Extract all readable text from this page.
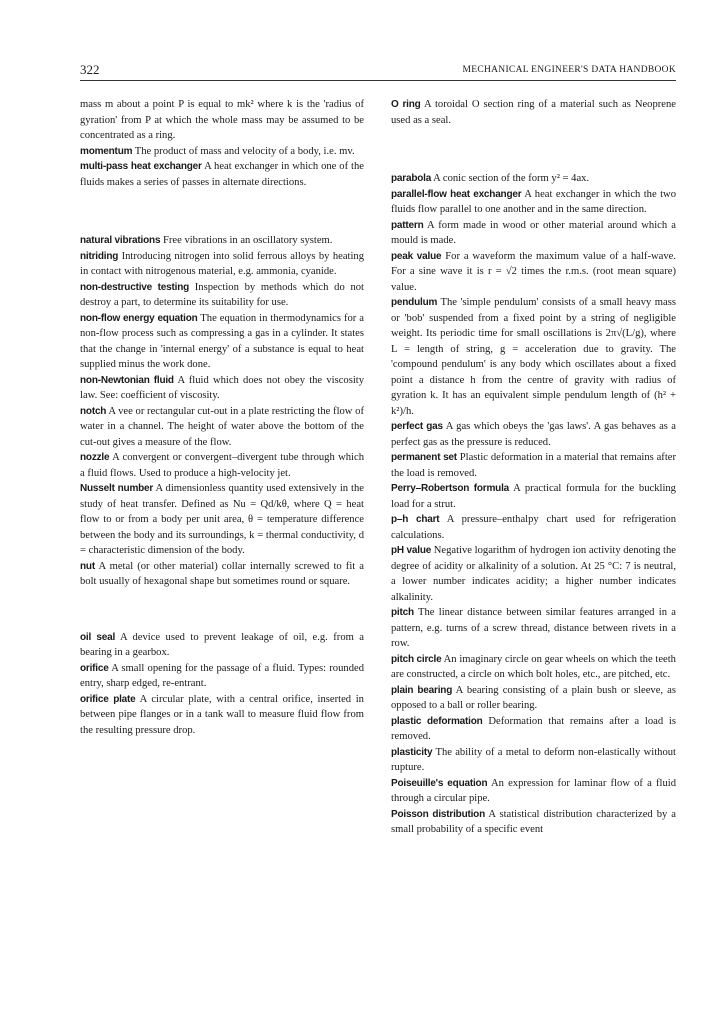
322	MECHANICAL ENGINEER'S DATA HANDBOOK

mass m about a point P is equal to mk² where k is the 'radius of gyration' from P at which the whole mass may be assumed to be concentrated as a ring.

momentum The product of mass and velocity of a body, i.e. mv.

multi-pass heat exchanger A heat exchanger in which one of the fluids makes a series of passes in alternate directions.

natural vibrations Free vibrations in an oscillatory system.

nitriding Introducing nitrogen into solid ferrous alloys by heating in contact with nitrogenous material, e.g. ammonia, cyanide.

non-destructive testing Inspection by methods which do not destroy a part, to determine its suitability for use.

non-flow energy equation The equation in thermodynamics for a non-flow process such as compressing a gas in a cylinder. It states that the change in 'internal energy' of a substance is equal to heat supplied minus the work done.

non-Newtonian fluid A fluid which does not obey the viscosity law. See: coefficient of viscosity.

notch A vee or rectangular cut-out in a plate restricting the flow of water in a channel. The height of water above the bottom of the cut-out gives a measure of the flow.

nozzle A convergent or convergent–divergent tube through which a fluid flows. Used to produce a high-velocity jet.

Nusselt number A dimensionless quantity used extensively in the study of heat transfer. Defined as Nu = Qd/kθ, where Q = heat flow to or from a body per unit area, θ = temperature difference between the body and its surroundings, k = thermal conductivity, d = characteristic dimension of the body.

nut A metal (or other material) collar internally screwed to fit a bolt usually of hexagonal shape but sometimes round or square.

oil seal A device used to prevent leakage of oil, e.g. from a bearing in a gearbox.

orifice A small opening for the passage of a fluid. Types: rounded entry, sharp edged, re-entrant.

orifice plate A circular plate, with a central orifice, inserted in between pipe flanges or in a tank wall to measure fluid flow from the resulting pressure drop.

O ring A toroidal O section ring of a material such as Neoprene used as a seal.

parabola A conic section of the form y² = 4ax.

parallel-flow heat exchanger A heat exchanger in which the two fluids flow parallel to one another and in the same direction.

pattern A form made in wood or other material around which a mould is made.

peak value For a waveform the maximum value of a half-wave. For a sine wave it is r = √2 times the r.m.s. (root mean square) value.

pendulum The 'simple pendulum' consists of a small heavy mass or 'bob' suspended from a fixed point by a string of negligible weight. Its periodic time for small oscillations is 2π√(L/g), where L = length of string, g = acceleration due to gravity. The 'compound pendulum' is any body which oscillates about a fixed point a distance h from the centre of gravity with radius of gyration k. It has an equivalent simple pendulum length of (h² + k²)/h.

perfect gas A gas which obeys the 'gas laws'. A gas behaves as a perfect gas as the pressure is reduced.

permanent set Plastic deformation in a material that remains after the load is removed.

Perry–Robertson formula A practical formula for the buckling load for a strut.

p–h chart A pressure–enthalpy chart used for refrigeration calculations.

pH value Negative logarithm of hydrogen ion activity denoting the degree of acidity or alkalinity of a solution. At 25 °C: 7 is neutral, a lower number indicates acidity; a higher number indicates alkalinity.

pitch The linear distance between similar features arranged in a pattern, e.g. turns of a screw thread, distance between rivets in a row.

pitch circle An imaginary circle on gear wheels on which the teeth are constructed, a circle on which bolt holes, etc., are pitched, etc.

plain bearing A bearing consisting of a plain bush or sleeve, as opposed to a ball or roller bearing.

plastic deformation Deformation that remains after a load is removed.

plasticity The ability of a metal to deform non-elastically without rupture.

Poiseuille's equation An expression for laminar flow of a fluid through a circular pipe.

Poisson distribution A statistical distribution characterized by a small probability of a specific event
